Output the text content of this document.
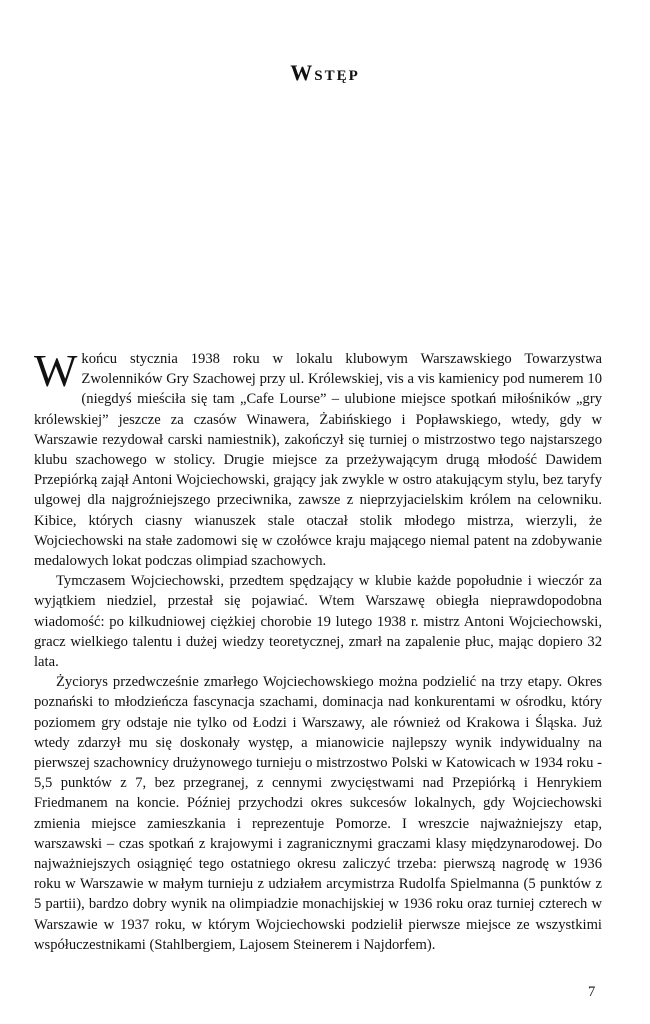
Wstęp

W końcu stycznia 1938 roku w lokalu klubowym Warszawskiego Towarzystwa Zwolenników Gry Szachowej przy ul. Królewskiej, vis a vis kamienicy pod numerem 10 (niegdyś mieściła się tam „Cafe Lourse” – ulubione miejsce spotkań miłośników „gry królewskiej” jeszcze za czasów Winawera, Żabińskiego i Popławskiego, wtedy, gdy w Warszawie rezydował carski namiestnik), zakończył się turniej o mistrzostwo tego najstarszego klubu szachowego w stolicy. Drugie miejsce za przeżywającym drugą młodość Dawidem Przepiórką zajął Antoni Wojciechowski, grający jak zwykle w ostro atakującym stylu, bez taryfy ulgowej dla najgroźniejszego przeciwnika, zawsze z nieprzyjacielskim królem na celowniku. Kibice, których ciasny wianuszek stale otaczał stolik młodego mistrza, wierzyli, że Wojciechowski na stałe zadomowi się w czołówce kraju mającego niemal patent na zdobywanie medalowych lokat podczas olimpiad szachowych.

Tymczasem Wojciechowski, przedtem spędzający w klubie każde popołudnie i wieczór za wyjątkiem niedziel, przestał się pojawiać. Wtem Warszawę obiegła nieprawdopodobna wiadomość: po kilkudniowej ciężkiej chorobie 19 lutego 1938 r. mistrz Antoni Wojciechowski, gracz wielkiego talentu i dużej wiedzy teoretycznej, zmarł na zapalenie płuc, mając dopiero 32 lata.

Życiorys przedwcześnie zmarłego Wojciechowskiego można podzielić na trzy etapy. Okres poznański to młodzieńcza fascynacja szachami, dominacja nad konkurentami w ośrodku, który poziomem gry odstaje nie tylko od Łodzi i Warszawy, ale również od Krakowa i Śląska. Już wtedy zdarzył mu się doskonały występ, a mianowicie najlepszy wynik indywidualny na pierwszej szachownicy drużynowego turnieju o mistrzostwo Polski w Katowicach w 1934 roku - 5,5 punktów z 7, bez przegranej, z cennymi zwycięstwami nad Przepiórką i Henrykiem Friedmanem na koncie. Później przychodzi okres sukcesów lokalnych, gdy Wojciechowski zmienia miejsce zamieszkania i reprezentuje Pomorze. I wreszcie najważniejszy etap, warszawski – czas spotkań z krajowymi i zagranicznymi graczami klasy międzynarodowej. Do najważniejszych osiągnięć tego ostatniego okresu zaliczyć trzeba: pierwszą nagrodę w 1936 roku w Warszawie w małym turnieju z udziałem arcymistrza Rudolfa Spielmanna (5 punktów z 5 partii), bardzo dobry wynik na olimpiadzie monachijskiej w 1936 roku oraz turniej czterech w Warszawie w 1937 roku, w którym Wojciechowski podzielił pierwsze miejsce ze wszystkimi współuczestnikami (Stahlbergiem, Lajosem Steinerem i Najdorfem).

7
